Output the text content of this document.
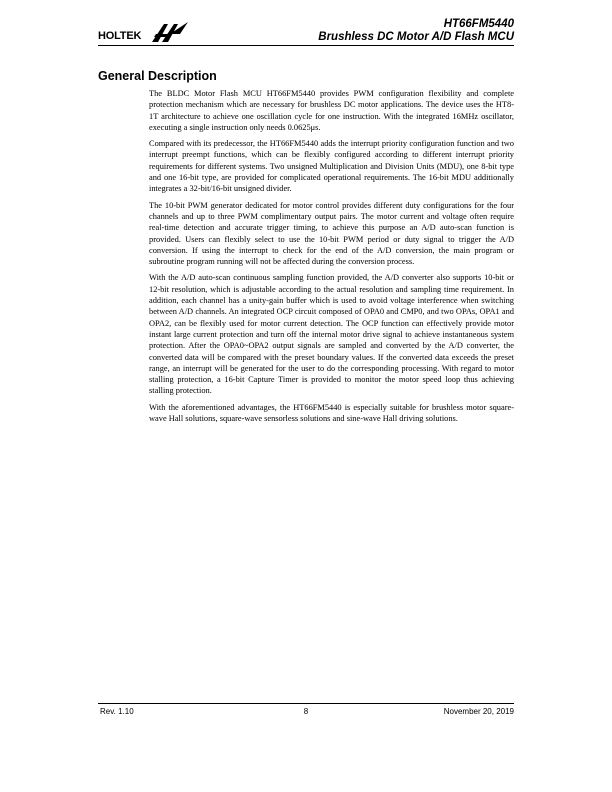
HOLTEK
HT66FM5440
Brushless DC Motor A/D Flash MCU
General Description

The BLDC Motor Flash MCU HT66FM5440 provides PWM configuration flexibility and complete protection mechanism which are necessary for brushless DC motor applications. The device uses the HT8-1T architecture to achieve one oscillation cycle for one instruction. With the integrated 16MHz oscillator, executing a single instruction only needs 0.0625μs.

Compared with its predecessor, the HT66FM5440 adds the interrupt priority configuration function and two interrupt preempt functions, which can be flexibly configured according to different interrupt priority requirements for different systems. Two unsigned Multiplication and Division Units (MDU), one 8-bit type and one 16-bit type, are provided for complicated operational requirements. The 16-bit MDU additionally integrates a 32-bit/16-bit unsigned divider.

The 10-bit PWM generator dedicated for motor control provides different duty configurations for the four channels and up to three PWM complimentary output pairs. The motor current and voltage often require real-time detection and accurate trigger timing, to achieve this purpose an A/D auto-scan function is provided. Users can flexibly select to use the 10-bit PWM period or duty signal to trigger the A/D conversion. If using the interrupt to check for the end of the A/D conversion, the main program or subroutine program running will not be affected during the conversion process.

With the A/D auto-scan continuous sampling function provided, the A/D converter also supports 10-bit or 12-bit resolution, which is adjustable according to the actual resolution and sampling time requirement. In addition, each channel has a unity-gain buffer which is used to avoid voltage interference when switching between A/D channels. An integrated OCP circuit composed of OPA0 and CMP0, and two OPAs, OPA1 and OPA2, can be flexibly used for motor current detection. The OCP function can effectively provide motor instant large current protection and turn off the internal motor drive signal to achieve instantaneous system protection. After the OPA0~OPA2 output signals are sampled and converted by the A/D converter, the converted data will be compared with the preset boundary values. If the converted data exceeds the preset range, an interrupt will be generated for the user to do the corresponding processing. With regard to motor stalling protection, a 16-bit Capture Timer is provided to monitor the motor speed loop thus achieving stalling protection.

With the aforementioned advantages, the HT66FM5440 is especially suitable for brushless motor square-wave Hall solutions, square-wave sensorless solutions and sine-wave Hall driving solutions.

Rev. 1.10	8	November 20, 2019
